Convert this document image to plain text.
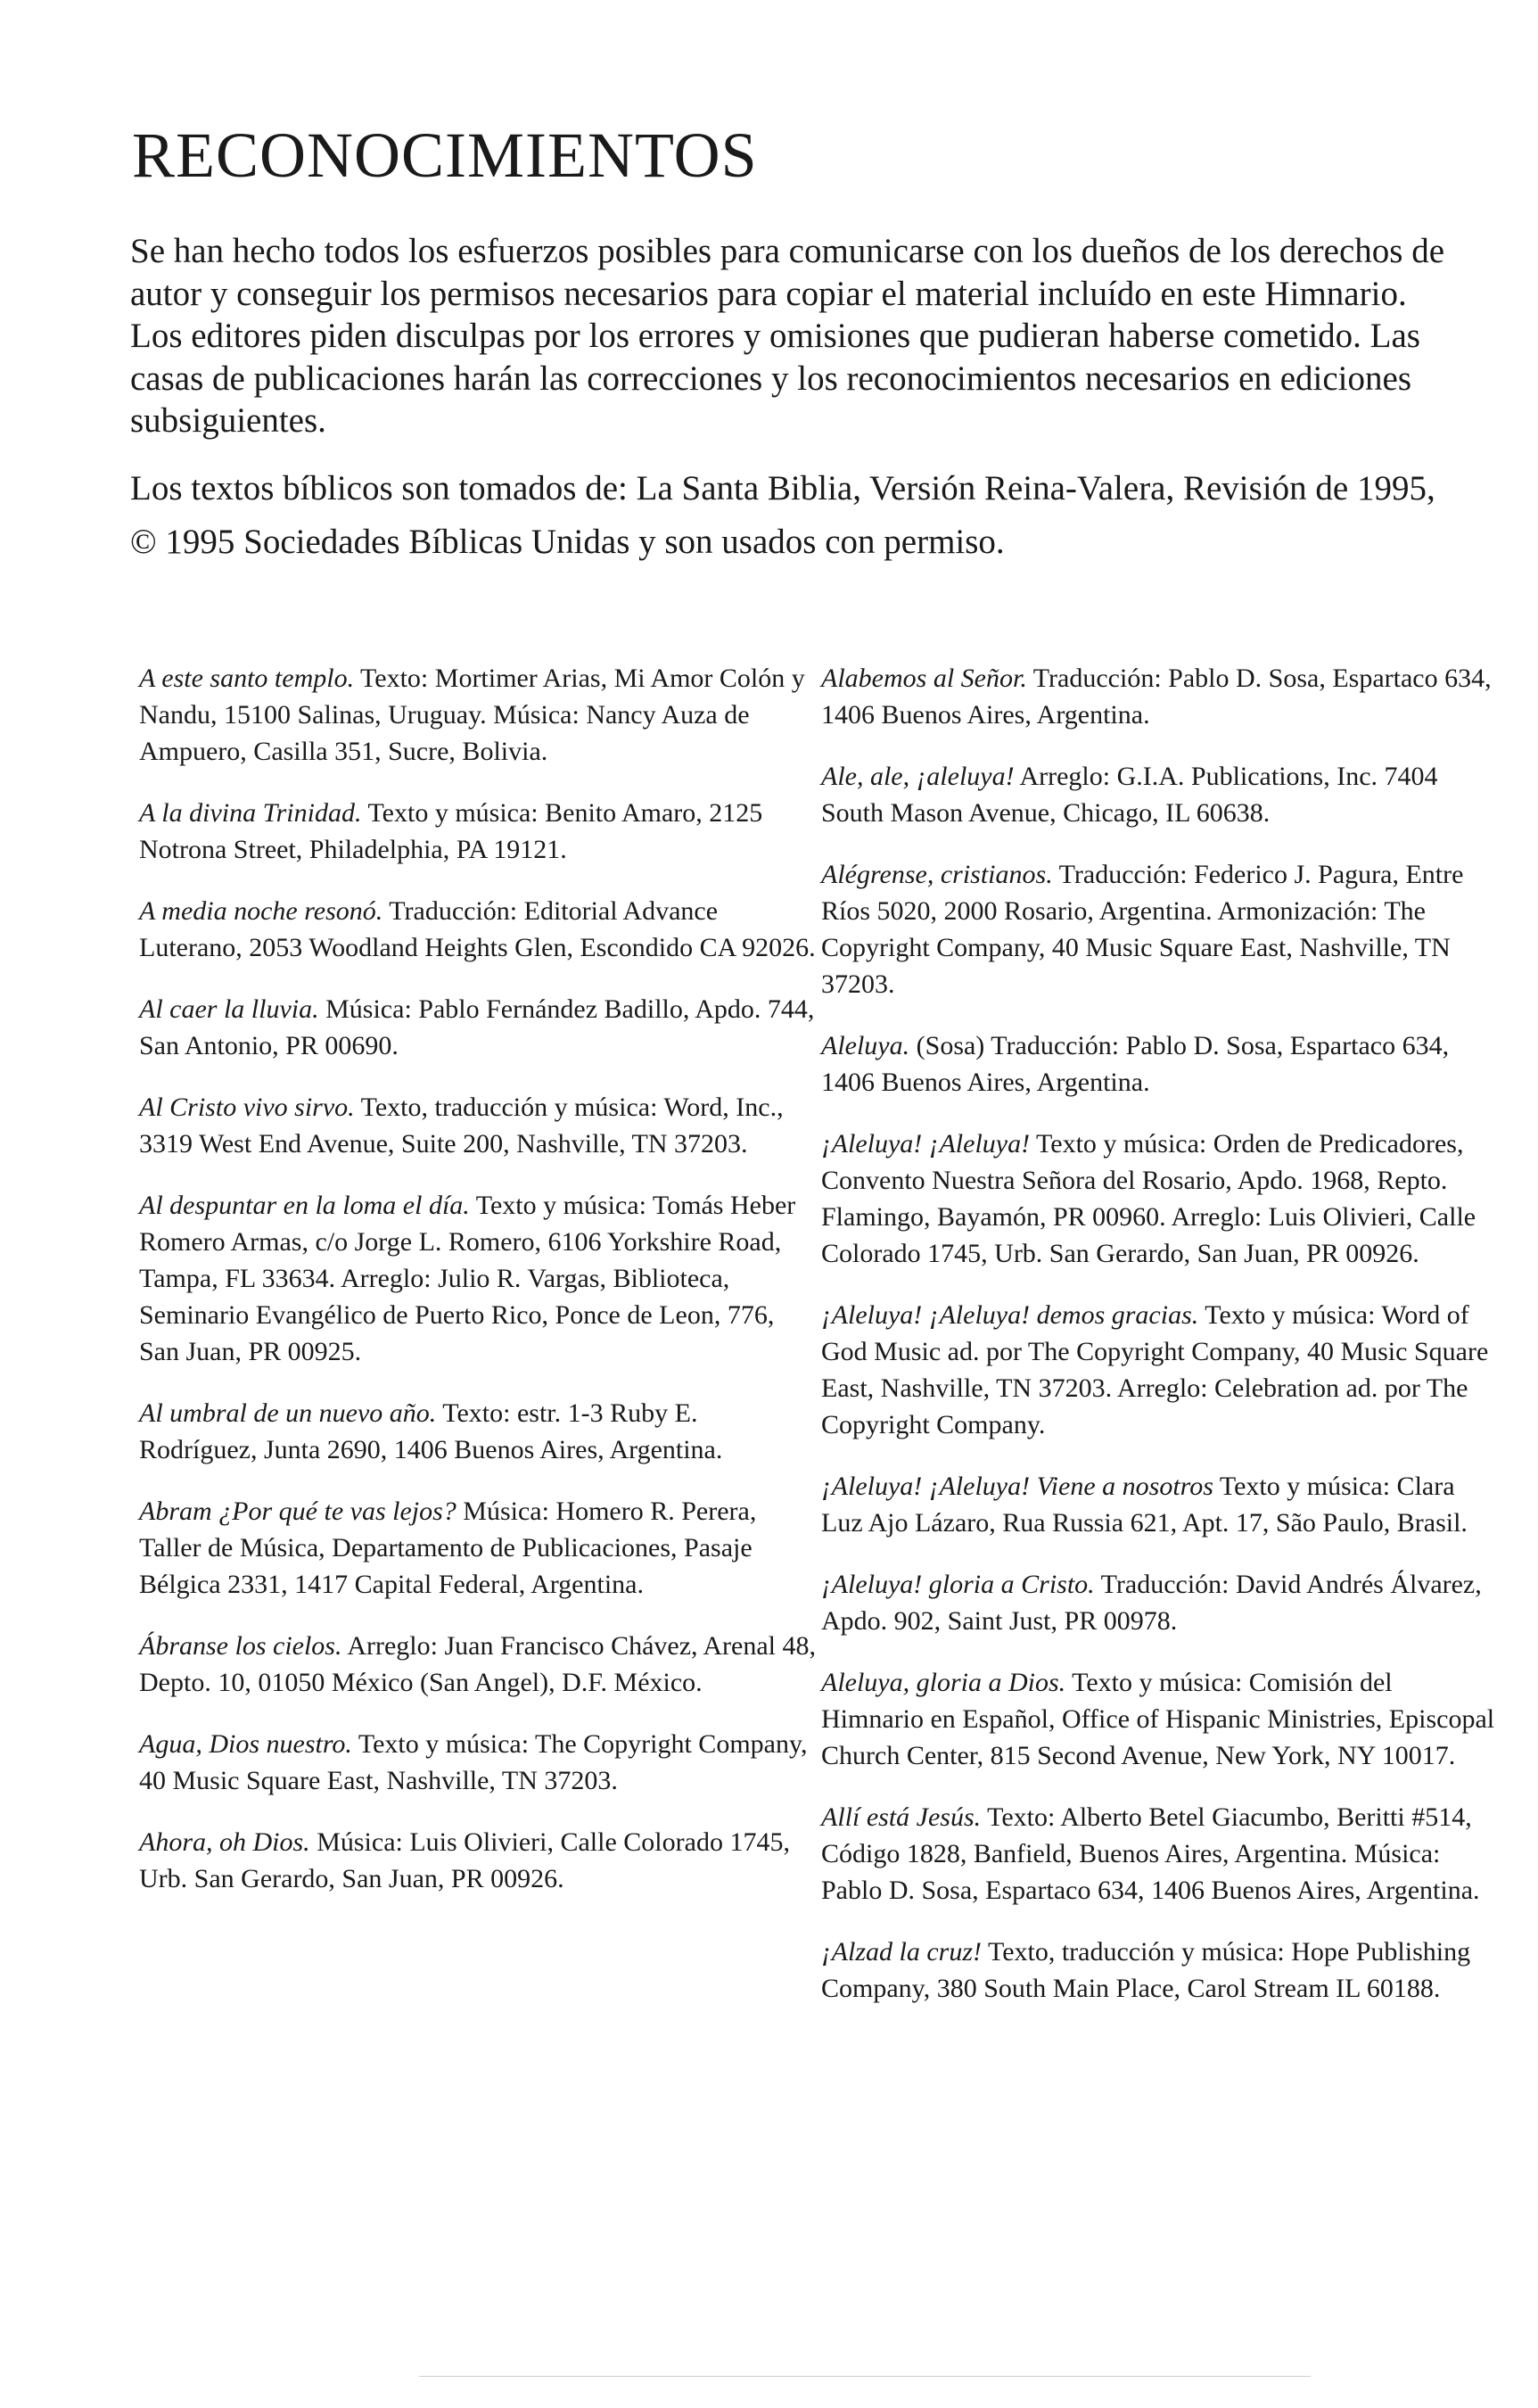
RECONOCIMIENTOS

Se han hecho todos los esfuerzos posibles para comunicarse con los dueños de los derechos de autor y conseguir los permisos necesarios para copiar el material incluído en este Himnario. Los editores piden disculpas por los errores y omisiones que pudieran haberse cometido. Las casas de publicaciones harán las correcciones y los reconocimientos necesarios en ediciones subsiguientes.

Los textos bíblicos son tomados de: La Santa Biblia, Versión Reina-Valera, Revisión de 1995, © 1995 Sociedades Bíblicas Unidas y son usados con permiso.

A este santo templo. Texto: Mortimer Arias, Mi Amor Colón y Nandu, 15100 Salinas, Uruguay. Música: Nancy Auza de Ampuero, Casilla 351, Sucre, Bolivia.

A la divina Trinidad. Texto y música: Benito Amaro, 2125 Notrona Street, Philadelphia, PA 19121.

A media noche resonó. Traducción: Editorial Advance Luterano, 2053 Woodland Heights Glen, Escondido CA 92026.

Al caer la lluvia. Música: Pablo Fernández Badillo, Apdo. 744, San Antonio, PR 00690.

Al Cristo vivo sirvo. Texto, traducción y música: Word, Inc., 3319 West End Avenue, Suite 200, Nashville, TN 37203.

Al despuntar en la loma el día. Texto y música: Tomás Heber Romero Armas, c/o Jorge L. Romero, 6106 Yorkshire Road, Tampa, FL 33634. Arreglo: Julio R. Vargas, Biblioteca, Seminario Evangélico de Puerto Rico, Ponce de Leon, 776, San Juan, PR 00925.

Al umbral de un nuevo año. Texto: estr. 1-3 Ruby E. Rodríguez, Junta 2690, 1406 Buenos Aires, Argentina.

Abram ¿Por qué te vas lejos? Música: Homero R. Perera, Taller de Música, Departamento de Publicaciones, Pasaje Bélgica 2331, 1417 Capital Federal, Argentina.

Ábranse los cielos. Arreglo: Juan Francisco Chávez, Arenal 48, Depto. 10, 01050 México (San Angel), D.F. México.

Agua, Dios nuestro. Texto y música: The Copyright Company, 40 Music Square East, Nashville, TN 37203.

Ahora, oh Dios. Música: Luis Olivieri, Calle Colorado 1745, Urb. San Gerardo, San Juan, PR 00926.

Alabemos al Señor. Traducción: Pablo D. Sosa, Espartaco 634, 1406 Buenos Aires, Argentina.

Ale, ale, ¡aleluya! Arreglo: G.I.A. Publications, Inc. 7404 South Mason Avenue, Chicago, IL 60638.

Alégrense, cristianos. Traducción: Federico J. Pagura, Entre Ríos 5020, 2000 Rosario, Argentina. Armonización: The Copyright Company, 40 Music Square East, Nashville, TN 37203.

Aleluya. (Sosa) Traducción: Pablo D. Sosa, Espartaco 634, 1406 Buenos Aires, Argentina.

¡Aleluya! ¡Aleluya! Texto y música: Orden de Predicadores, Convento Nuestra Señora del Rosario, Apdo. 1968, Repto. Flamingo, Bayamón, PR 00960. Arreglo: Luis Olivieri, Calle Colorado 1745, Urb. San Gerardo, San Juan, PR 00926.

¡Aleluya! ¡Aleluya! demos gracias. Texto y música: Word of God Music ad. por The Copyright Company, 40 Music Square East, Nashville, TN 37203. Arreglo: Celebration ad. por The Copyright Company.

¡Aleluya! ¡Aleluya! Viene a nosotros Texto y música: Clara Luz Ajo Lázaro, Rua Russia 621, Apt. 17, São Paulo, Brasil.

¡Aleluya! gloria a Cristo. Traducción: David Andrés Álvarez, Apdo. 902, Saint Just, PR 00978.

Aleluya, gloria a Dios. Texto y música: Comisión del Himnario en Español, Office of Hispanic Ministries, Episcopal Church Center, 815 Second Avenue, New York, NY 10017.

Allí está Jesús. Texto: Alberto Betel Giacumbo, Beritti #514, Código 1828, Banfield, Buenos Aires, Argentina. Música: Pablo D. Sosa, Espartaco 634, 1406 Buenos Aires, Argentina.

¡Alzad la cruz! Texto, traducción y música: Hope Publishing Company, 380 South Main Place, Carol Stream IL 60188.
